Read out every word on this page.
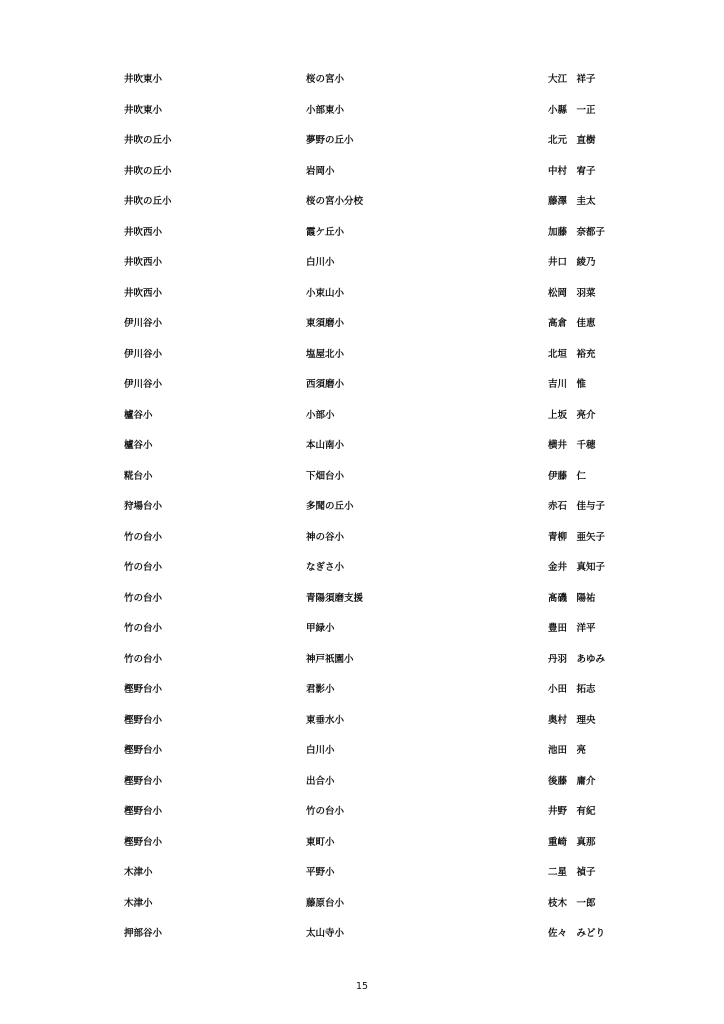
井吹東小	桜の宮小	大江　祥子
井吹東小	小部東小	小縣　一正
井吹の丘小	夢野の丘小	北元　直樹
井吹の丘小	岩岡小	中村　宥子
井吹の丘小	桜の宮小分校	藤澤　圭太
井吹西小	霞ケ丘小	加藤　奈都子
井吹西小	白川小	井口　綾乃
井吹西小	小束山小	松岡　羽菜
伊川谷小	東須磨小	高倉　佳恵
伊川谷小	塩屋北小	北垣　裕充
伊川谷小	西須磨小	吉川　惟
櫨谷小	小部小	上坂　亮介
櫨谷小	本山南小	横井　千穂
糀台小	下畑台小	伊藤　仁
狩場台小	多聞の丘小	赤石　佳与子
竹の台小	神の谷小	青柳　亜矢子
竹の台小	なぎさ小	金井　真知子
竹の台小	青陽須磨支援	髙磯　陽祐
竹の台小	甲緑小	豊田　洋平
竹の台小	神戸祇園小	丹羽　あゆみ
樫野台小	君影小	小田　拓志
樫野台小	東垂水小	奥村　理央
樫野台小	白川小	池田　亮
樫野台小	出合小	後藤　庸介
樫野台小	竹の台小	井野　有紀
樫野台小	東町小	重崎　真那
木津小	平野小	二星　禎子
木津小	藤原台小	枝木　一郎
押部谷小	太山寺小	佐々　みどり
15
